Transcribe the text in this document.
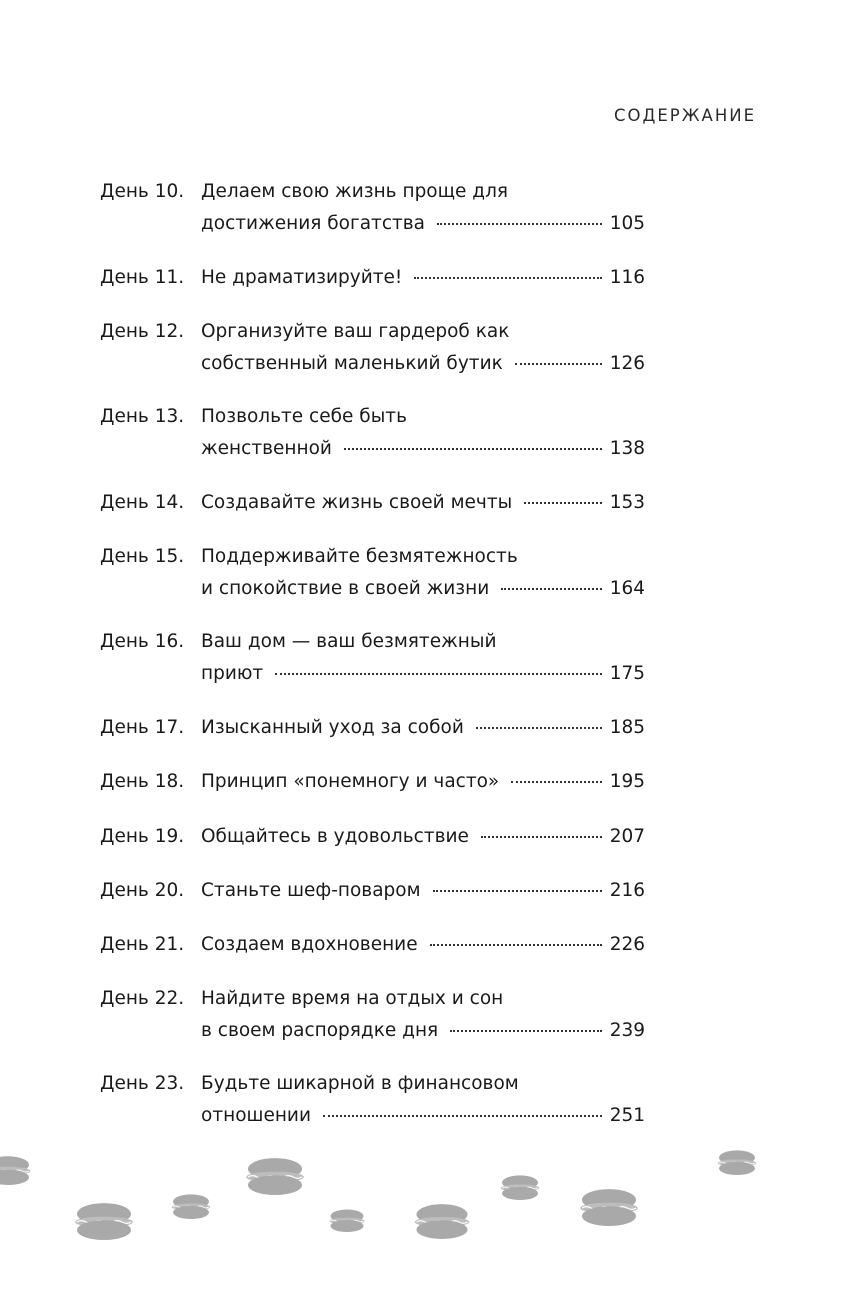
СОДЕРЖАНИЕ
День 10. Делаем свою жизнь проще для
достижения богатства	105
День 11. Не драматизируйте!	116
День 12. Организуйте ваш гардероб как
собственный маленький бутик	126
День 13. Позвольте себе быть
женственной	138
День 14. Создавайте жизнь своей мечты	153
День 15. Поддерживайте безмятежность
и спокойствие в своей жизни	164
День 16. Ваш дом — ваш безмятежный
приют	175
День 17. Изысканный уход за собой	185
День 18. Принцип «понемногу и часто»	195
День 19. Общайтесь в удовольствие	207
День 20. Станьте шеф-поваром	216
День 21. Создаем вдохновение	226
День 22. Найдите время на отдых и сон
в своем распорядке дня	239
День 23. Будьте шикарной в финансовом
отношении	251
